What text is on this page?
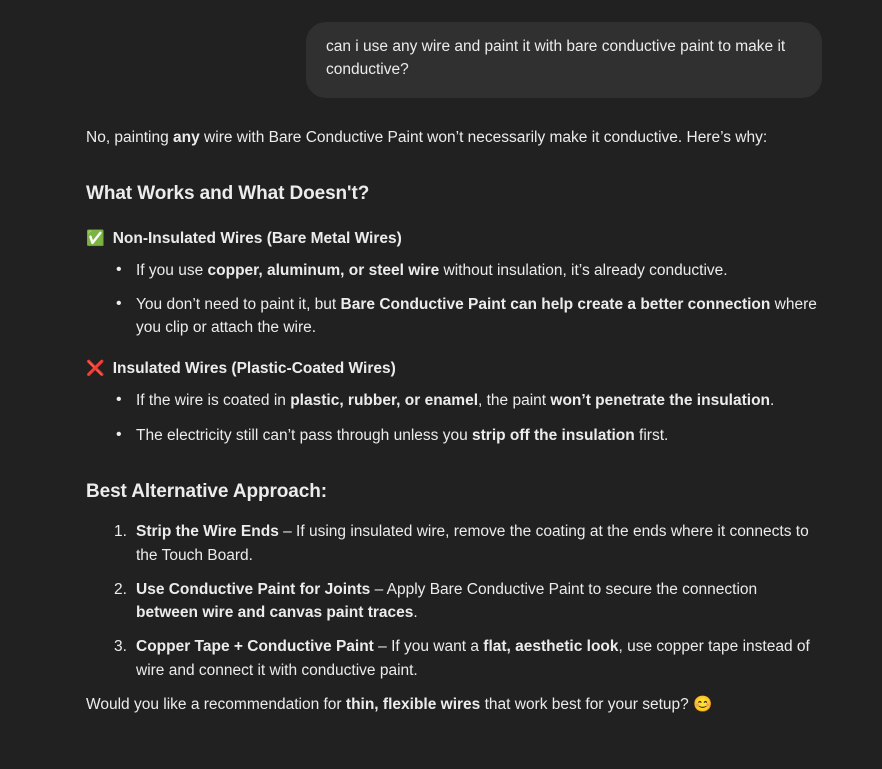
can i use any wire and paint it with bare conductive paint to make it conductive?

No, painting any wire with Bare Conductive Paint won’t necessarily make it conductive. Here’s why:

What Works and What Doesn't?
✅ Non-Insulated Wires (Bare Metal Wires)
• If you use copper, aluminum, or steel wire without insulation, it’s already conductive.
• You don’t need to paint it, but Bare Conductive Paint can help create a better connection where you clip or attach the wire.
❌ Insulated Wires (Plastic-Coated Wires)
• If the wire is coated in plastic, rubber, or enamel, the paint won’t penetrate the insulation.
• The electricity still can’t pass through unless you strip off the insulation first.
Best Alternative Approach:
Strip the Wire Ends – If using insulated wire, remove the coating at the ends where it connects to the Touch Board.
Use Conductive Paint for Joints – Apply Bare Conductive Paint to secure the connection between wire and canvas paint traces.
Copper Tape + Conductive Paint – If you want a flat, aesthetic look, use copper tape instead of wire and connect it with conductive paint.

Would you like a recommendation for thin, flexible wires that work best for your setup? 😊
